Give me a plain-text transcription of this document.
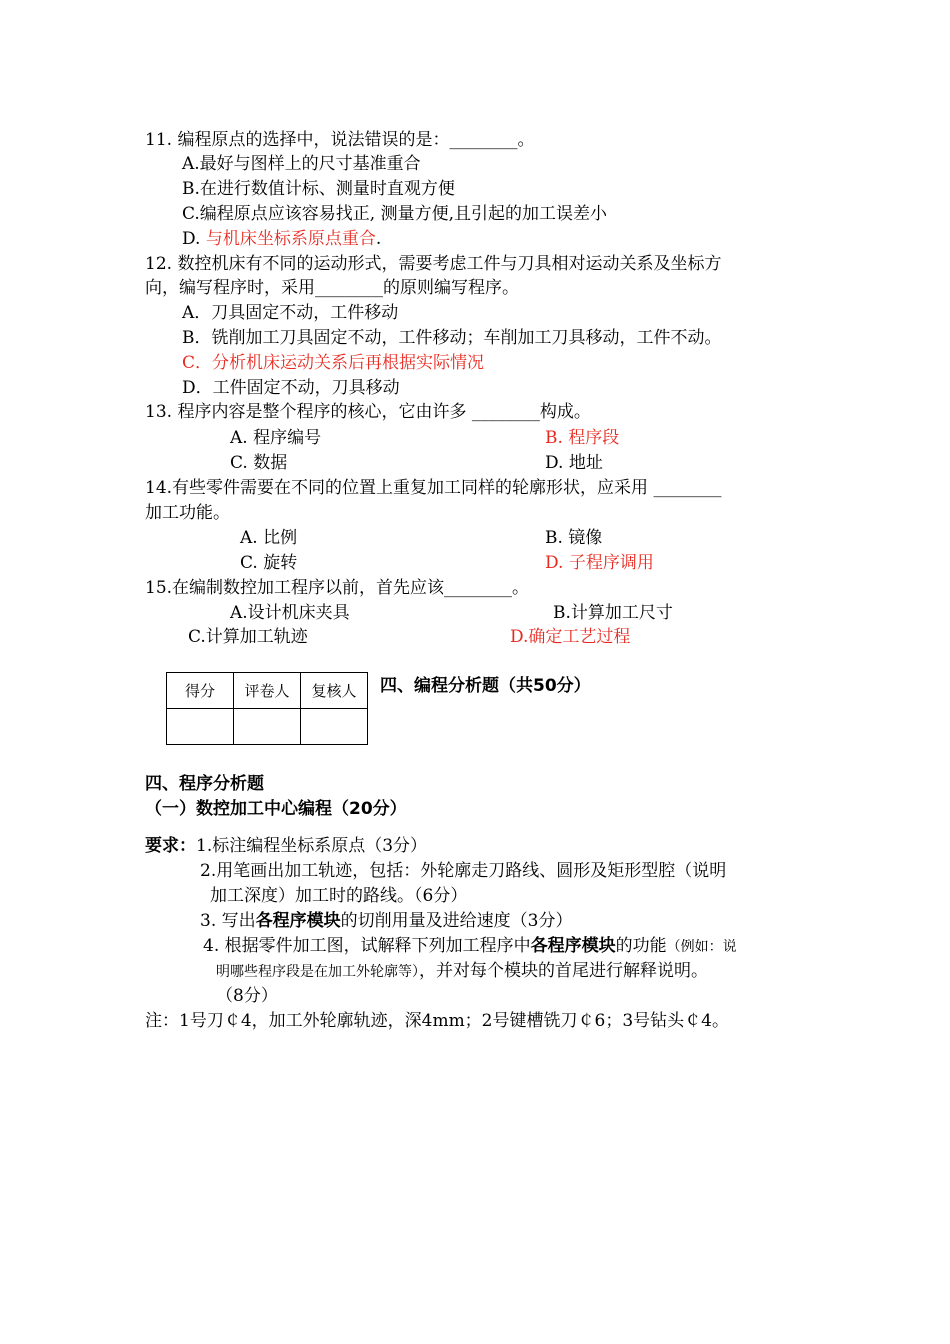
11. 编程原点的选择中，说法错误的是：________。
A.最好与图样上的尺寸基准重合
B.在进行数值计标、测量时直观方便
C.编程原点应该容易找正, 测量方便,且引起的加工误差小
D. 与机床坐标系原点重合.
12. 数控机床有不同的运动形式，需要考虑工件与刀具相对运动关系及坐标方
向，编写程序时，采用________的原则编写程序。
A．刀具固定不动，工件移动
B．铣削加工刀具固定不动，工件移动；车削加工刀具移动，工件不动。
C．分析机床运动关系后再根据实际情况
D．工件固定不动，刀具移动
13. 程序内容是整个程序的核心，它由许多 ________构成。
A. 程序编号	B. 程序段
C. 数据	D. 地址
14.有些零件需要在不同的位置上重复加工同样的轮廓形状，应采用 ________
加工功能。
A. 比例	B. 镜像
C. 旋转	D. 子程序调用
15.在编制数控加工程序以前，首先应该________。
A.设计机床夹具	B.计算加工尺寸
C.计算加工轨迹	D.确定工艺过程
得分	评卷人	复核人
		四、编程分析题（共50分）
四、程序分析题
（一）数控加工中心编程（20分）
要求：1.标注编程坐标系原点（3分）
2.用笔画出加工轨迹，包括：外轮廓走刀路线、圆形及矩形型腔（说明
加工深度）加工时的路线。（6分）
3. 写出各程序模块的切削用量及进给速度（3分）
4. 根据零件加工图，试解释下列加工程序中各程序模块的功能（例如：说
明哪些程序段是在加工外轮廓等），并对每个模块的首尾进行解释说明。
（8分）
注：1号刀￠4，加工外轮廓轨迹，深4mm；2号键槽铣刀￠6；3号钻头￠4。
